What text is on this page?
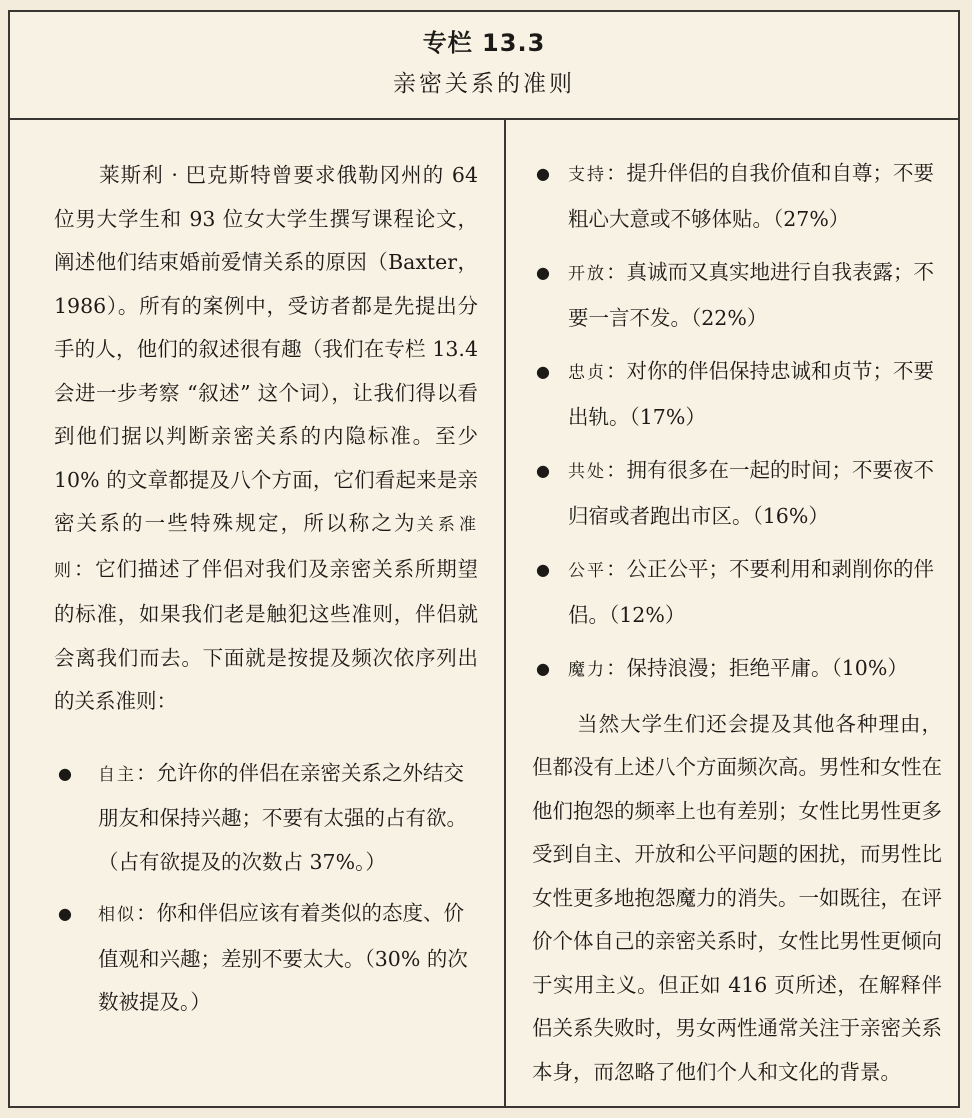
专栏 13.3
亲密关系的准则

莱斯利 · 巴克斯特曾要求俄勒冈州的 64 位男大学生和 93 位女大学生撰写课程论文，阐述他们结束婚前爱情关系的原因（Baxter，1986）。所有的案例中，受访者都是先提出分手的人，他们的叙述很有趣（我们在专栏 13.4 会进一步考察 “叙述” 这个词），让我们得以看到他们据以判断亲密关系的内隐标准。至少 10% 的文章都提及八个方面，它们看起来是亲密关系的一些特殊规定，所以称之为关系准则：它们描述了伴侣对我们及亲密关系所期望的标准，如果我们老是触犯这些准则，伴侣就会离我们而去。下面就是按提及频次依序列出的关系准则：

● 自主：允许你的伴侣在亲密关系之外结交朋友和保持兴趣；不要有太强的占有欲。（占有欲提及的次数占 37%。）
● 相似：你和伴侣应该有着类似的态度、价值观和兴趣；差别不要太大。（30% 的次数被提及。）
● 支持：提升伴侣的自我价值和自尊；不要粗心大意或不够体贴。（27%）
● 开放：真诚而又真实地进行自我表露；不要一言不发。（22%）
● 忠贞：对你的伴侣保持忠诚和贞节；不要出轨。（17%）
● 共处：拥有很多在一起的时间；不要夜不归宿或者跑出市区。（16%）
● 公平：公正公平；不要利用和剥削你的伴侣。（12%）
● 魔力：保持浪漫；拒绝平庸。（10%）

当然大学生们还会提及其他各种理由，但都没有上述八个方面频次高。男性和女性在他们抱怨的频率上也有差别；女性比男性更多受到自主、开放和公平问题的困扰，而男性比女性更多地抱怨魔力的消失。一如既往，在评价个体自己的亲密关系时，女性比男性更倾向于实用主义。但正如 416 页所述，在解释伴侣关系失败时，男女两性通常关注于亲密关系本身，而忽略了他们个人和文化的背景。
